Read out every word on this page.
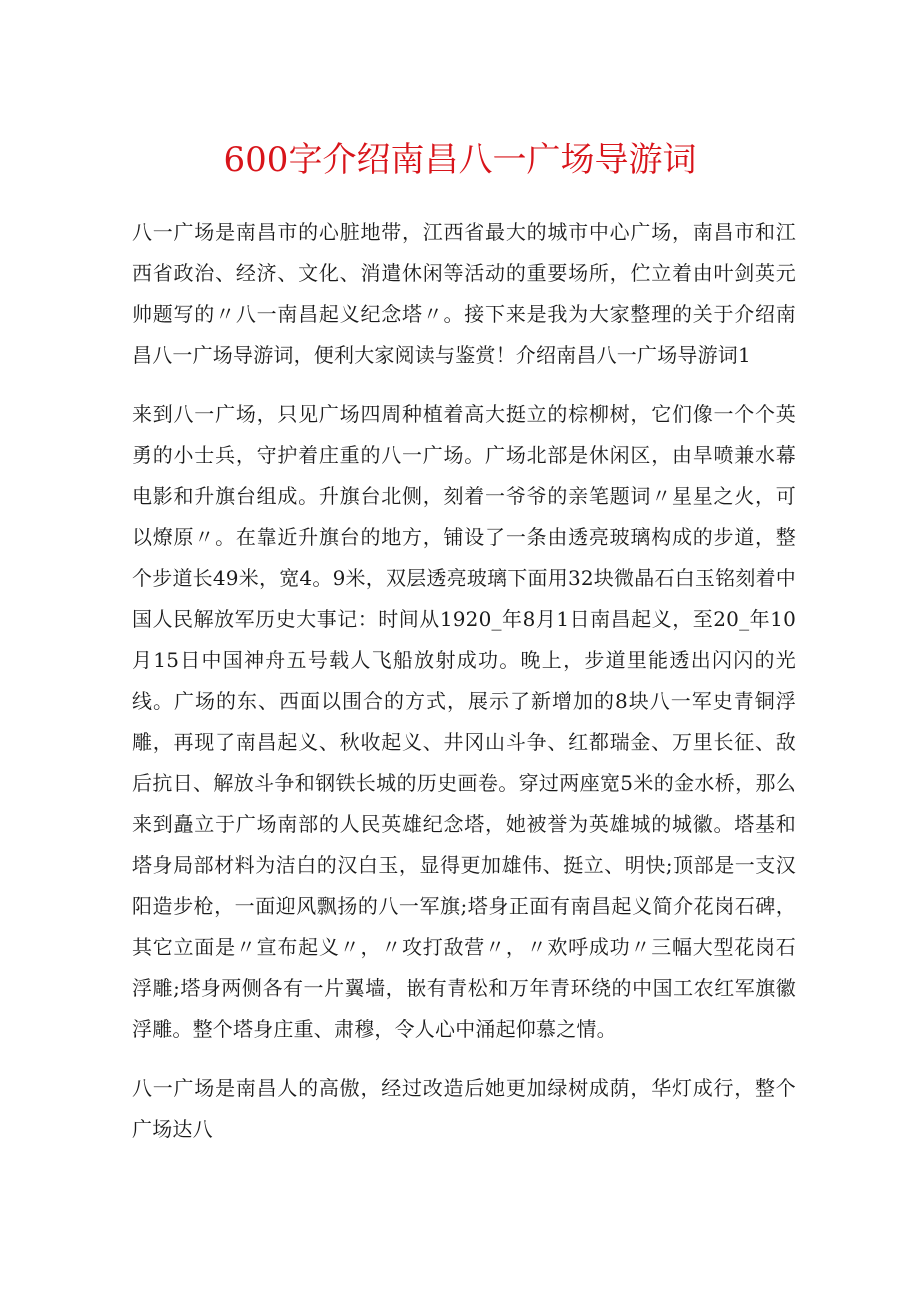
600字介绍南昌八一广场导游词

八一广场是南昌市的心脏地带，江西省最大的城市中心广场，南昌市和江西省政治、经济、文化、消遣休闲等活动的重要场所，伫立着由叶剑英元帅题写的〃八一南昌起义纪念塔〃。接下来是我为大家整理的关于介绍南昌八一广场导游词，便利大家阅读与鉴赏！介绍南昌八一广场导游词1

来到八一广场，只见广场四周种植着高大挺立的棕柳树，它们像一个个英勇的小士兵，守护着庄重的八一广场。广场北部是休闲区，由旱喷兼水幕电影和升旗台组成。升旗台北侧，刻着一爷爷的亲笔题词〃星星之火，可以燎原〃。在靠近升旗台的地方，铺设了一条由透亮玻璃构成的步道，整个步道长49米，宽4。9米，双层透亮玻璃下面用32块微晶石白玉铭刻着中国人民解放军历史大事记：时间从1920_年8月1日南昌起义，至20_年10月15日中国神舟五号载人飞船放射成功。晚上，步道里能透出闪闪的光线。广场的东、西面以围合的方式，展示了新增加的8块八一军史青铜浮雕，再现了南昌起义、秋收起义、井冈山斗争、红都瑞金、万里长征、敌后抗日、解放斗争和钢铁长城的历史画卷。穿过两座宽5米的金水桥，那么来到矗立于广场南部的人民英雄纪念塔，她被誉为英雄城的城徽。塔基和塔身局部材料为洁白的汉白玉，显得更加雄伟、挺立、明快;顶部是一支汉阳造步枪，一面迎风飘扬的八一军旗;塔身正面有南昌起义简介花岗石碑，其它立面是〃宣布起义〃，〃攻打敌营〃，〃欢呼成功〃三幅大型花岗石浮雕;塔身两侧各有一片翼墙，嵌有青松和万年青环绕的中国工农红军旗徽浮雕。整个塔身庄重、肃穆，令人心中涌起仰慕之情。

八一广场是南昌人的高傲，经过改造后她更加绿树成荫，华灯成行，整个广场达八
